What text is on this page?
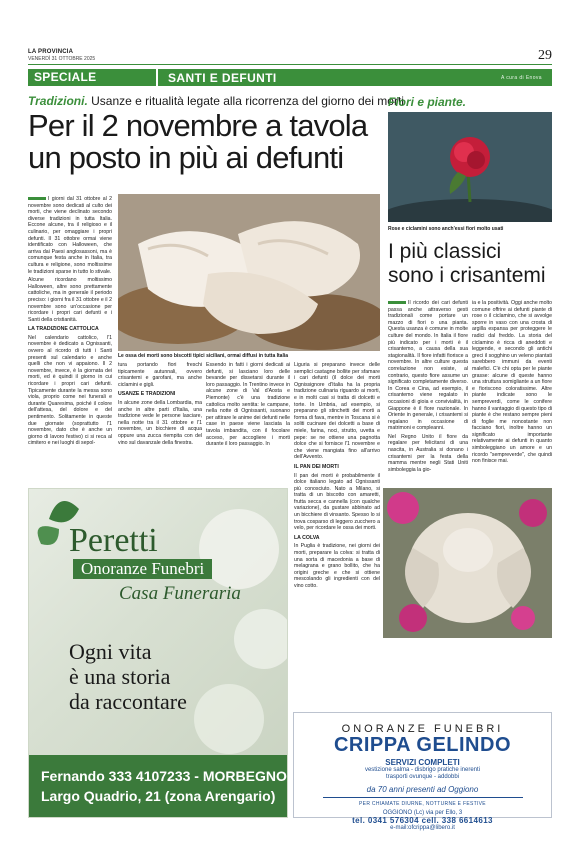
LA PROVINCIA
VENERDÌ 31 OTTOBRE 2025	29
SPECIALE	SANTI E DEFUNTI	A cura di Enova
Tradizioni. Usanze e ritualità legate alla ricorrenza del giorno dei morti
Per il 2 novembre a tavola un posto in più ai defunti
Le ossa dei morti sono biscotti tipici siciliani, ormai diffusi in tutta Italia

I giorni dal 31 ottobre al 2 novembre sono dedicati al culto dei morti, che viene declinato secondo diverse tradizioni in tutta Italia. Eccone alcune, tra il religioso e il culinario, per omaggiare i propri defunti. Il 31 ottobre ormai viene identificato con Halloween, che arriva dai Paesi anglosassoni, ma è comunque festa anche in Italia, tra cultura e religione, sono moltissime le tradizioni sparse in tutto lo stivale.

Alcune ricordano moltissimo Halloween, altre sono prettamente cattoliche, ma in generale il periodo preciso: i giorni fra il 31 ottobre e il 2 novembre sono un'occasione per ricordare i propri cari defunti e i Santi della cristianità.

LA TRADIZIONE CATTOLICA

Nel calendario cattolico, l'1 novembre è dedicato a Ognissanti, ovvero al ricordo di tutti i Santi presenti sul calendario e anche quelli che non vi appaiono. Il 2 novembre, invece, è la giornata dei morti, ed è quindi il giorno in cui ricordare i propri cari defunti. Tipicamente durante la messa sono viola, proprio come nei funerali e durante Quaresima, poiché il colore dell'attesa, del dolore e del pentimento. Solitamente in queste due giornate (soprattutto l'1 novembre, dato che è anche un giorno di lavoro festivo) ci si reca al cimitero e nei luoghi di sepol-

tura portando fiori freschi tipicamente autunnali, ovvero crisantemi e garofani, ma anche ciclamini e gigli.

USANZE E TRADIZIONI

In alcune zone della Lombardia, ma anche in altre parti d'Italia, una tradizione vede le persone lasciare, nella notte tra il 31 ottobre e l'1 novembre, un bicchiere di acqua oppure una zucca riempita con del vino sul davanzale della finestra.

Essendo in fatti i giorni dedicati ai defunti, si lasciano loro delle bevande per dissetarsi durante il loro passaggio. In Trentino invece in alcune zone di Val d'Aosta e Piemonte) c'è una tradizione cattolica molto sentita: le campane, nella notte di Ognissanti, suonano per attirare le anime dei defunti nelle case in paese viene lasciata la tavola imbandita, con il focolare acceso, per accogliere i morti durante il loro passaggio. In

Liguria si preparano invece delle semplici castagne bollite per sfamare i cari defunti (il dolce dei morti Ognissignore d'Italia ha la propria tradizione culinaria riguardo ai morti, e in molti casi si tratta di dolcetti e torte. In Umbria, ad esempio, si preparano gli stinchetti dei morti a forma di fava, mentre in Toscana si è soliti cucinare dei dolcetti a base di miele, farina, noci, strutto, uvetta e pepe: se ne ottiene una pagnotta dolce che si fornisce l'1 novembre e che viene mangiata fino all'arrivo dell'Avvento.

IL PAN DEI MORTI

Il pan dei morti è probabilmente il dolce italiano legato ad Ognissanti più conosciuto. Nato a Milano, si tratta di un biscotto con amaretti, frutta secca e cannella (con qualche variazione), da gustare abbinato ad un bicchiere di vinsanto. Spesso lo si trova cosparso di leggero zucchero a velo, per ricordare le ossa dei morti.

LA COLVA

In Puglia è tradizione, nei giorni dei morti, preparare la colva: si tratta di una sorta di macedonia a base di melagrana e grano bollito, che ha origini greche e che si ottiene mescolando gli ingredienti con del vino cotto.

Fiori e piante.
Rose e ciclamini sono anch'essi fiori molto usati
I più classici sono i crisantemi

Il ricordo dei cari defunti passa anche attraverso gesti tradizionali come portare un mazzo di fiori o una pianta. Questa usanza è comune in molte culture del mondo. In Italia il fiore più indicato per i morti è il crisantemo, a causa della sua stagionalità. Il fiore infatti fiorisce a novembre. In altre culture questa correlazione non esiste, al contrario, questo fiore assume un significato completamente diverso. In Corea e Cina, ad esempio, il crisantemo viene regalato in occasioni di gioia e convivialità, in Giappone è il fiore nazionale. In Oriente in generale, i crisantemi si regalano in occasione di matrimoni e compleanni.

Nel Regno Unito il fiore da regalare per felicitarsi di una nascita, in Australia si donano i crisantemi per la festa della mamma mentre negli Stati Uniti simboleggia la gio-

ia e la positività. Oggi anche molto comune offrire ai defunti piante di rose o il ciclamino, che si avvolge sporre in vaso con una crosta di argilla espansa per proteggere le radici dal freddo. La storia del ciclamino è ricca di aneddoti e leggende, e secondo gli antichi greci il sogghino un veleno piantati sarebbero immuni da eventi malefici. C'è chi opta per le piante grasse: alcune di queste hanno una struttura somigliante a un fiore e fioriscono coloratissime. Altre piante indicate sono le sempreverdi, come le conifere hanno il vantaggio di questo tipo di piante è che restano sempre pieni di foglie me nonostante non facciano fiori, inoltre hanno un significato importante relativamente ai defunti in quanto simboleggiano un amore e un ricordo "sempreverde", che quindi non finisce mai.

Peretti
Onoranze Funebri
Casa Funeraria
Ogni vita
è una storia
da raccontare
Fernando 333 4107233 - MORBEGNO
Largo Quadrio, 21 (zona Arengario)
ONORANZE FUNEBRI
CRIPPA GELINDO
SERVIZI COMPLETI
vestizione salma - disbrigo pratiche inerenti
trasporti ovunque - addobbi
da 70 anni presenti ad Oggiono
PER CHIAMATE DIURNE, NOTTURNE E FESTIVE
OGGIONO (Lc) via per Ello, 3
tel. 0341 576304 cell. 338 6614613
e-mail:ofcrippa@libero.it
